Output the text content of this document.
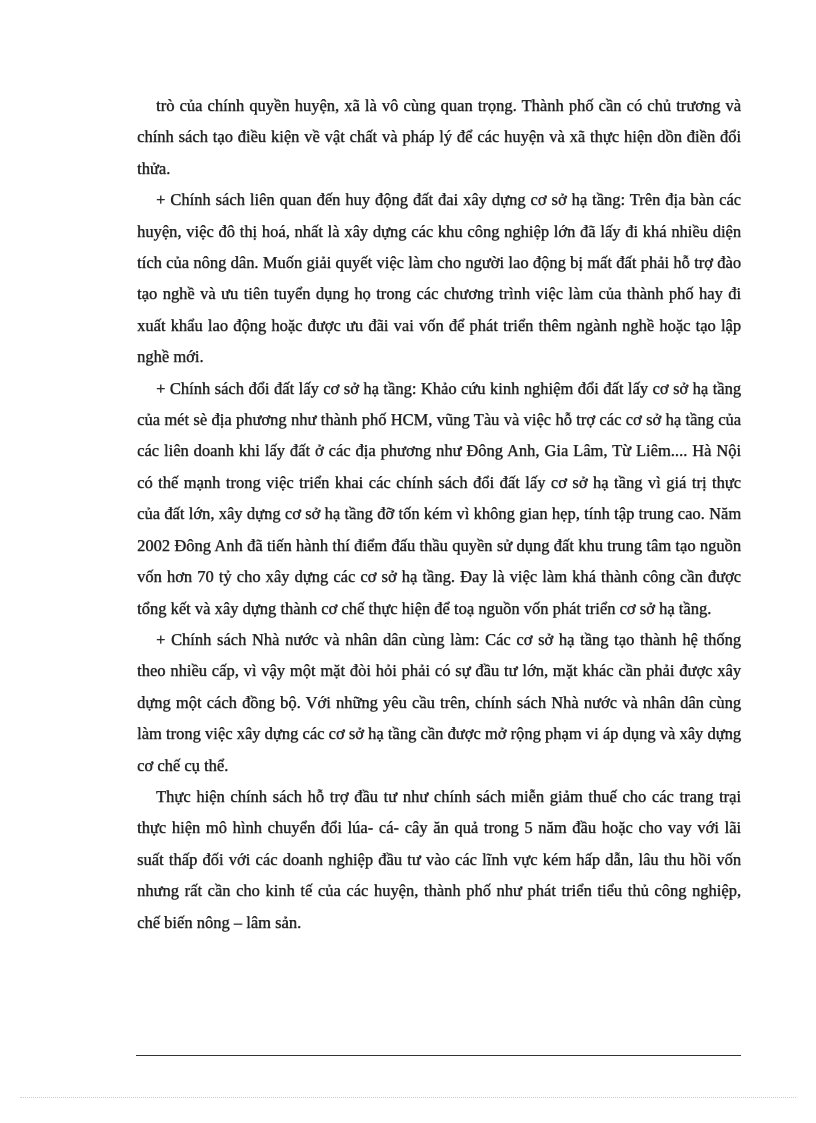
trò của chính quyền huyện, xã là vô cùng quan trọng. Thành phố cần có chủ trương và chính sách tạo điều kiện về vật chất và pháp lý để các huyện và xã thực hiện dồn điền đổi thửa.

+ Chính sách liên quan đến huy động đất đai xây dựng cơ sở hạ tầng: Trên địa bàn các huyện, việc đô thị hoá, nhất là xây dựng các khu công nghiệp lớn đã lấy đi khá nhiều diện tích của nông dân. Muốn giải quyết việc làm cho người lao động bị mất đất phải hỗ trợ đào tạo nghề và ưu tiên tuyển dụng họ trong các chương trình việc làm của thành phố hay đi xuất khẩu lao động hoặc được ưu đãi vai vốn để phát triển thêm ngành nghề hoặc tạo lập nghề mới.

+ Chính sách đổi đất lấy cơ sở hạ tầng: Khảo cứu kinh nghiệm đổi đất lấy cơ sở hạ tầng của mét sè địa phương như thành phố HCM, vũng Tàu và việc hỗ trợ các cơ sở hạ tầng của các liên doanh khi lấy đất ở các địa phương như Đông Anh, Gia Lâm, Từ Liêm.... Hà Nội có thế mạnh trong việc triển khai các chính sách đổi đất lấy cơ sở hạ tầng vì giá trị thực của đất lớn, xây dựng cơ sở hạ tầng đỡ tốn kém vì không gian hẹp, tính tập trung cao. Năm 2002 Đông Anh đã tiến hành thí điểm đấu thầu quyền sử dụng đất khu trung tâm tạo nguồn vốn hơn 70 tỷ cho xây dựng các cơ sở hạ tầng. Đay là việc làm khá thành công cần được tổng kết và xây dựng thành cơ chế thực hiện để toạ nguồn vốn phát triển cơ sở hạ tầng.

+ Chính sách Nhà nước và nhân dân cùng làm: Các cơ sở hạ tầng tạo thành hệ thống theo nhiều cấp, vì vậy một mặt đòi hỏi phải có sự đầu tư lớn, mặt khác cần phải được xây dựng một cách đồng bộ. Với những yêu cầu trên, chính sách Nhà nước và nhân dân cùng làm trong việc xây dựng các cơ sở hạ tầng cần được mở rộng phạm vi áp dụng và xây dựng cơ chế cụ thể.

Thực hiện chính sách hỗ trợ đầu tư như chính sách miễn giảm thuế cho các trang trại thực hiện mô hình chuyển đổi lúa- cá- cây ăn quả trong 5 năm đầu hoặc cho vay với lãi suất thấp đối với các doanh nghiệp đầu tư vào các lĩnh vực kém hấp dẫn, lâu thu hồi vốn nhưng rất cần cho kinh tế của các huyện, thành phố như phát triển tiểu thủ công nghiệp, chế biến nông – lâm sản.
